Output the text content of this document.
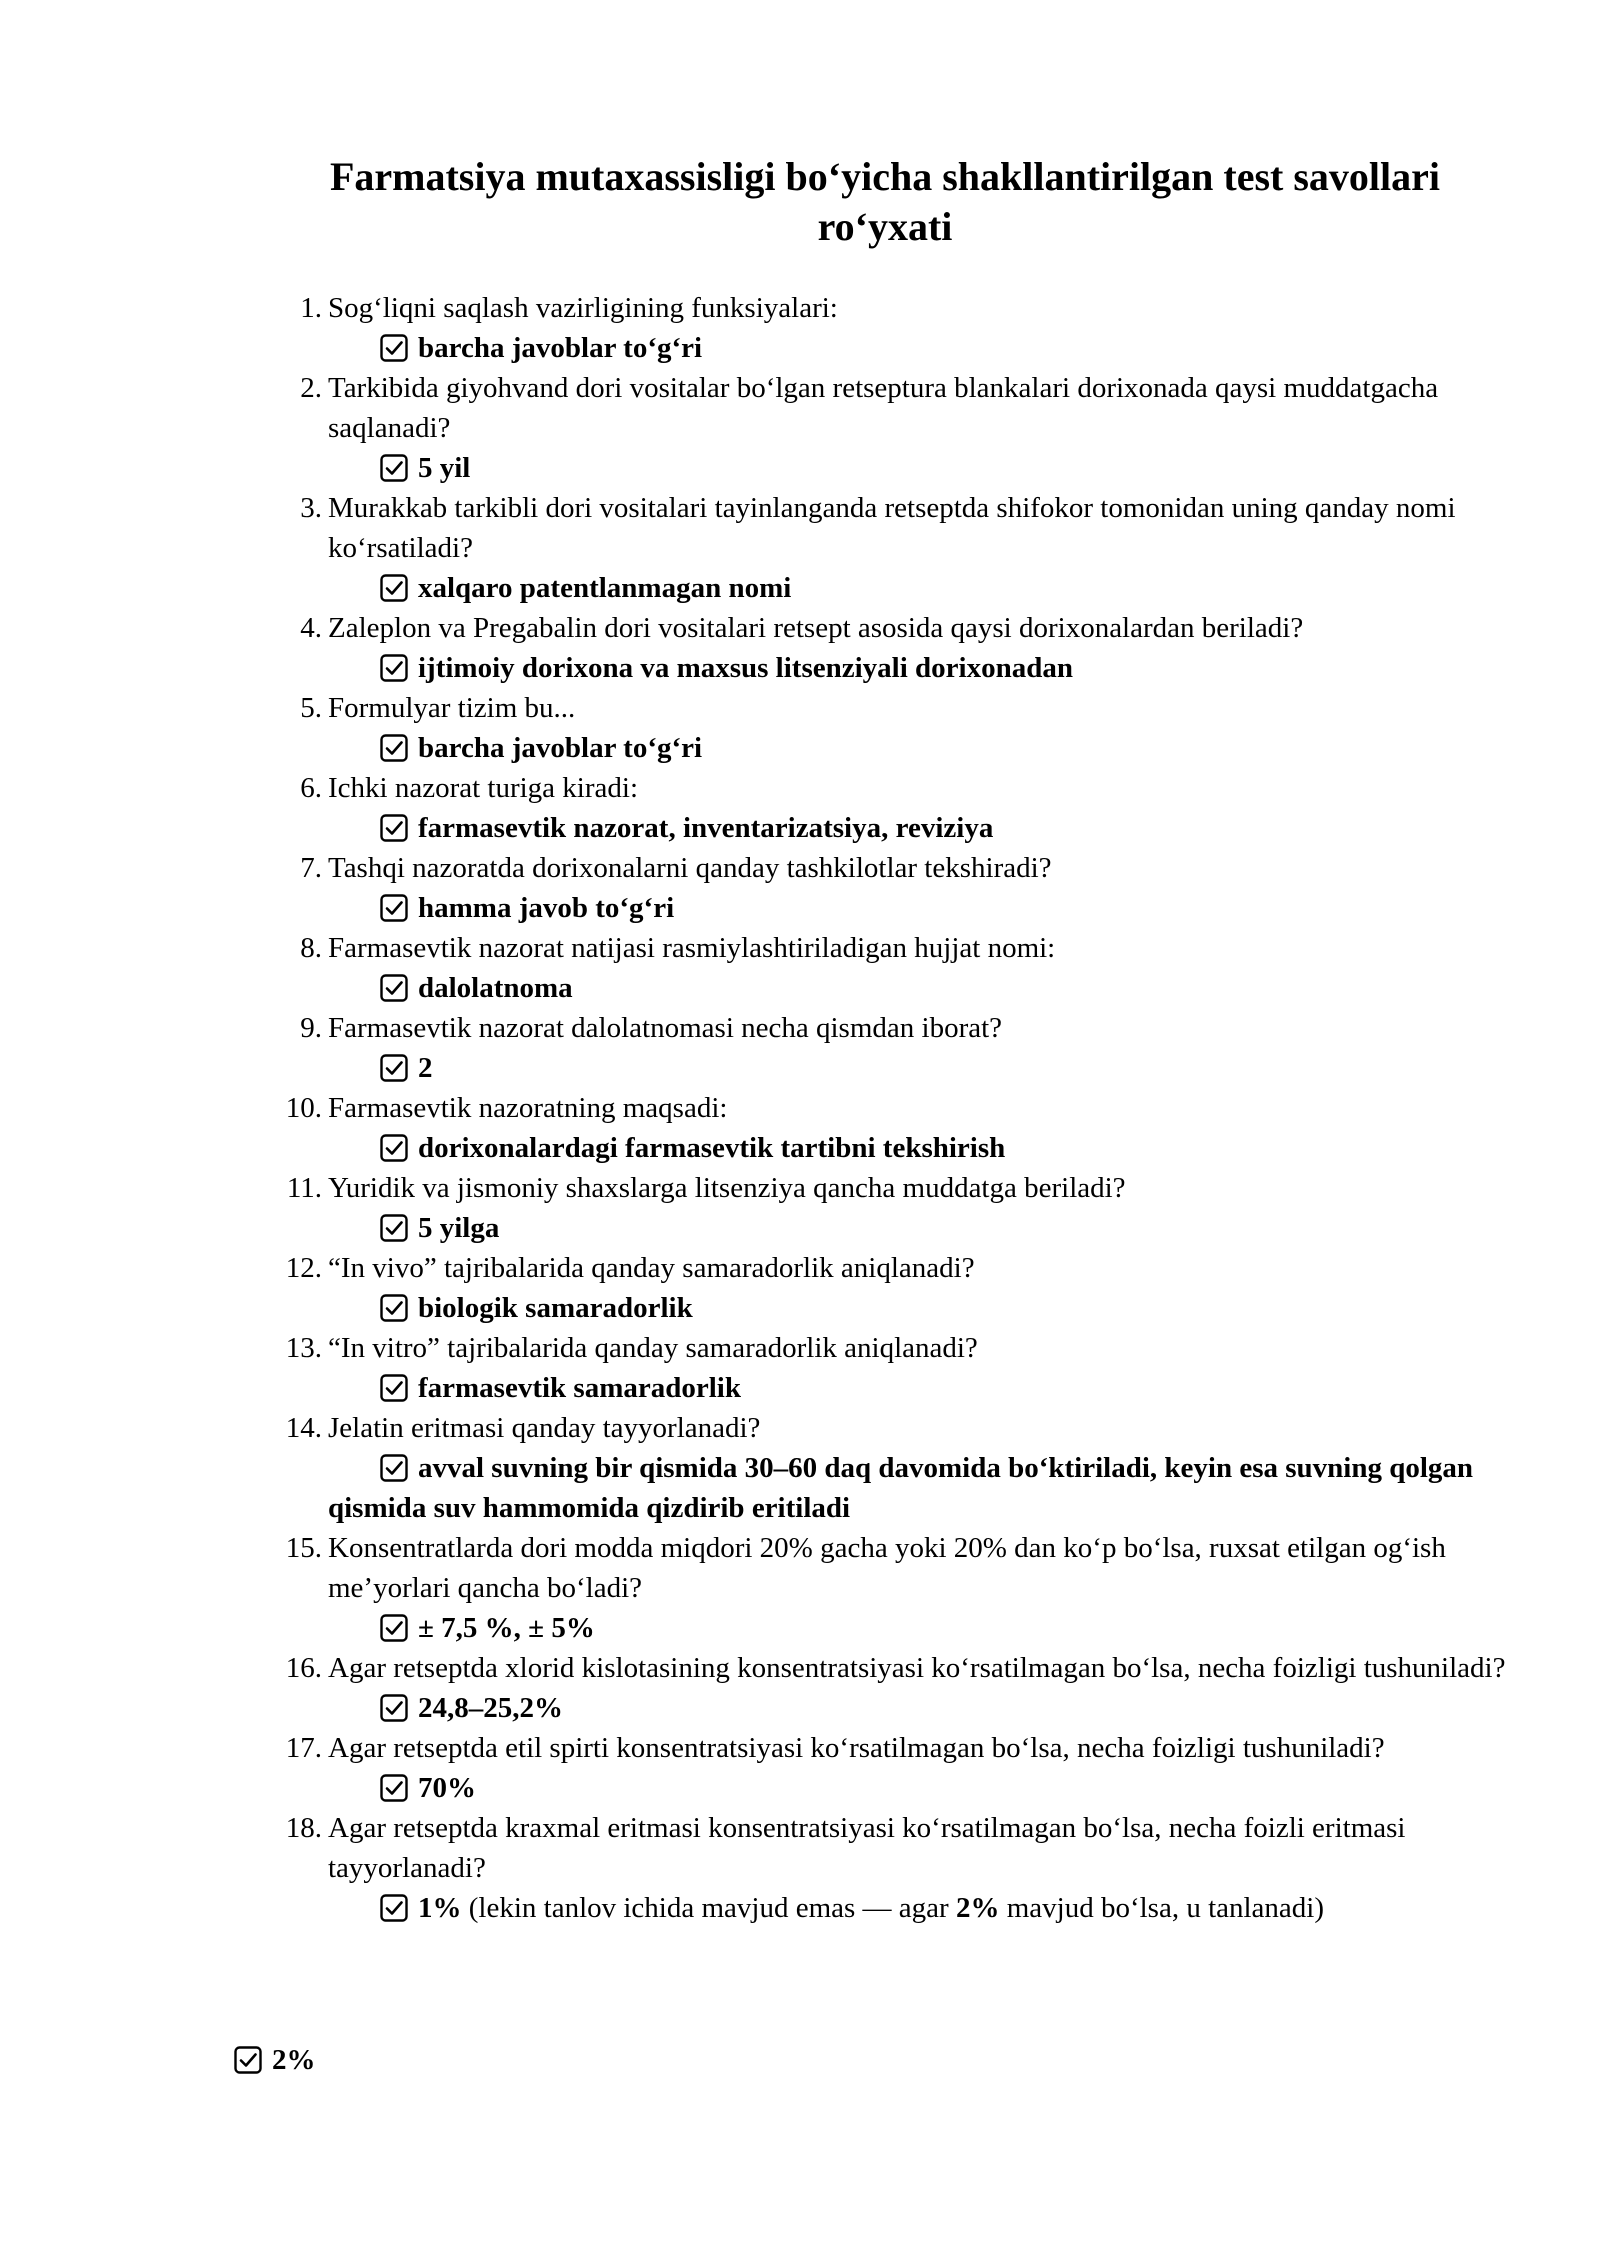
Farmatsiya mutaxassisligi bo‘yicha shakllantirilgan test savollari ro‘yxati
1. Sog‘liqni saqlash vazirligining funksiyalari:
barcha javoblar to‘g‘ri
2. Tarkibida giyohvand dori vositalar bo‘lgan retseptura blankalari dorixonada qaysi muddatgacha saqlanadi?
5 yil
3. Murakkab tarkibli dori vositalari tayinlanganda retseptda shifokor tomonidan uning qanday nomi ko‘rsatiladi?
xalqaro patentlanmagan nomi
4. Zaleplon va Pregabalin dori vositalari retsept asosida qaysi dorixonalardan beriladi?
ijtimoiy dorixona va maxsus litsenziyali dorixonadan
5. Formulyar tizim bu...
barcha javoblar to‘g‘ri
6. Ichki nazorat turiga kiradi:
farmasevtik nazorat, inventarizatsiya, reviziya
7. Tashqi nazoratda dorixonalarni qanday tashkilotlar tekshiradi?
hamma javob to‘g‘ri
8. Farmasevtik nazorat natijasi rasmiylashtiriladigan hujjat nomi:
dalolatnoma
9. Farmasevtik nazorat dalolatnomasi necha qismdan iborat?
2
10. Farmasevtik nazoratning maqsadi:
dorixonalardagi farmasevtik tartibni tekshirish
11. Yuridik va jismoniy shaxslarga litsenziya qancha muddatga beriladi?
5 yilga
12. “In vivo” tajribalarida qanday samaradorlik aniqlanadi?
biologik samaradorlik
13. “In vitro” tajribalarida qanday samaradorlik aniqlanadi?
farmasevtik samaradorlik
14. Jelatin eritmasi qanday tayyorlanadi?
avval suvning bir qismida 30–60 daq davomida bo‘ktiriladi, keyin esa suvning qolgan qismida suv hammomida qizdirib eritiladi
15. Konsentratlarda dori modda miqdori 20% gacha yoki 20% dan ko‘p bo‘lsa, ruxsat etilgan og‘ish me’yorlari qancha bo‘ladi?
± 7,5 %, ± 5%
16. Agar retseptda xlorid kislotasining konsentratsiyasi ko‘rsatilmagan bo‘lsa, necha foizligi tushuniladi?
24,8–25,2%
17. Agar retseptda etil spirti konsentratsiyasi ko‘rsatilmagan bo‘lsa, necha foizligi tushuniladi?
70%
18. Agar retseptda kraxmal eritmasi konsentratsiyasi ko‘rsatilmagan bo‘lsa, necha foizli eritmasi tayyorlanadi?
1% (lekin tanlov ichida mavjud emas — agar 2% mavjud bo‘lsa, u tanlanadi)
2%
